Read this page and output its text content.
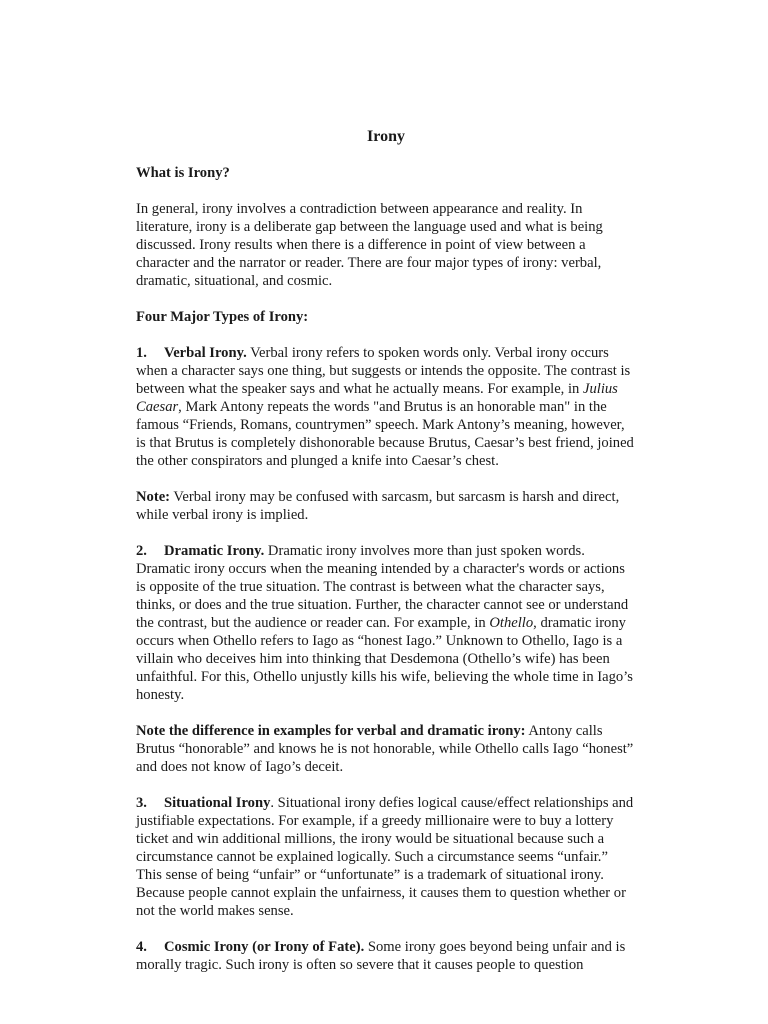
Irony
What is Irony?
In general, irony involves a contradiction between appearance and reality. In literature, irony is a deliberate gap between the language used and what is being discussed. Irony results when there is a difference in point of view between a character and the narrator or reader. There are four major types of irony: verbal, dramatic, situational, and cosmic.
Four Major Types of Irony:
1. Verbal Irony. Verbal irony refers to spoken words only. Verbal irony occurs when a character says one thing, but suggests or intends the opposite. The contrast is between what the speaker says and what he actually means. For example, in Julius Caesar, Mark Antony repeats the words "and Brutus is an honorable man" in the famous “Friends, Romans, countrymen” speech. Mark Antony’s meaning, however, is that Brutus is completely dishonorable because Brutus, Caesar’s best friend, joined the other conspirators and plunged a knife into Caesar’s chest.
Note: Verbal irony may be confused with sarcasm, but sarcasm is harsh and direct, while verbal irony is implied.
2. Dramatic Irony. Dramatic irony involves more than just spoken words. Dramatic irony occurs when the meaning intended by a character's words or actions is opposite of the true situation. The contrast is between what the character says, thinks, or does and the true situation. Further, the character cannot see or understand the contrast, but the audience or reader can. For example, in Othello, dramatic irony occurs when Othello refers to Iago as “honest Iago.” Unknown to Othello, Iago is a villain who deceives him into thinking that Desdemona (Othello’s wife) has been unfaithful. For this, Othello unjustly kills his wife, believing the whole time in Iago’s honesty.
Note the difference in examples for verbal and dramatic irony: Antony calls Brutus “honorable” and knows he is not honorable, while Othello calls Iago “honest” and does not know of Iago’s deceit.
3. Situational Irony. Situational irony defies logical cause/effect relationships and justifiable expectations. For example, if a greedy millionaire were to buy a lottery ticket and win additional millions, the irony would be situational because such a circumstance cannot be explained logically. Such a circumstance seems “unfair.” This sense of being “unfair” or “unfortunate” is a trademark of situational irony. Because people cannot explain the unfairness, it causes them to question whether or not the world makes sense.
4. Cosmic Irony (or Irony of Fate). Some irony goes beyond being unfair and is morally tragic. Such irony is often so severe that it causes people to question
